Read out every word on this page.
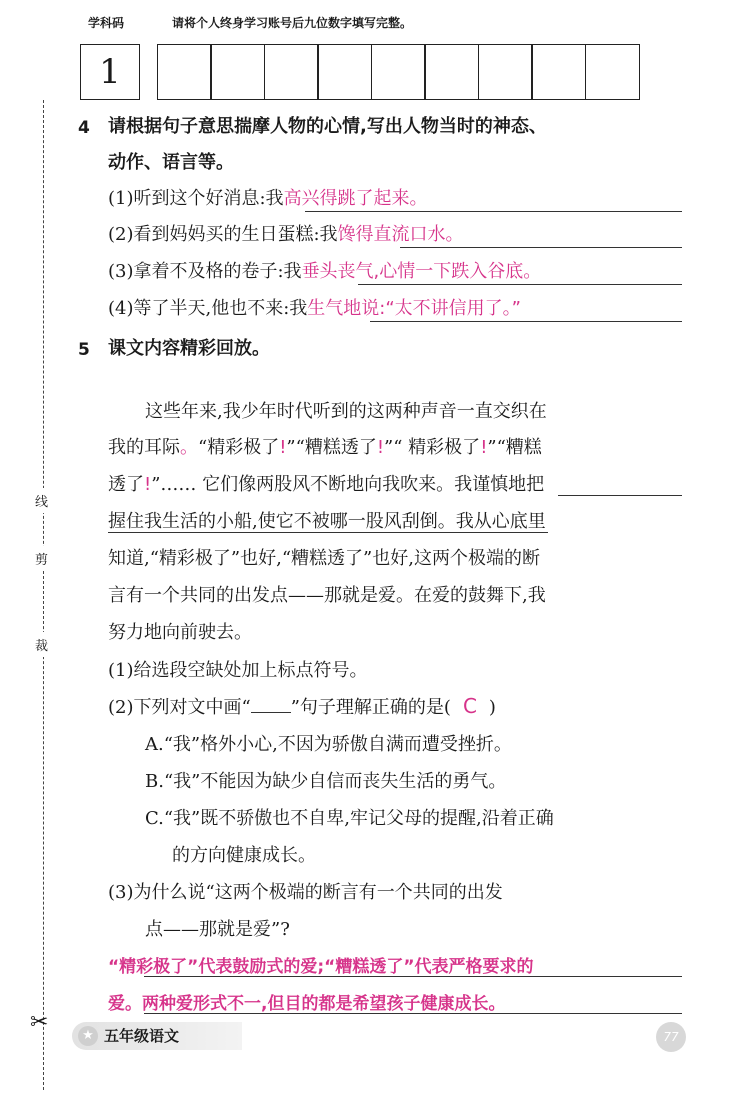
学科码	请将个人终身学习账号后九位数字填写完整。
1
线
剪
裁
✂
4 请根据句子意思揣摩人物的心情,写出人物当时的神态、
动作、语言等。
(1)听到这个好消息:我高兴得跳了起来。
(2)看到妈妈买的生日蛋糕:我馋得直流口水。
(3)拿着不及格的卷子:我垂头丧气,心情一下跌入谷底。
(4)等了半天,他也不来:我生气地说:“太不讲信用了。”
5 课文内容精彩回放。
这些年来,我少年时代听到的这两种声音一直交织在
我的耳际。“精彩极了!”“糟糕透了!”“ 精彩极了!”“糟糕
透了!”…… 它们像两股风不断地向我吹来。我谨慎地把
握住我生活的小船,使它不被哪一股风刮倒。我从心底里
知道,“精彩极了”也好,“糟糕透了”也好,这两个极端的断
言有一个共同的出发点——那就是爱。在爱的鼓舞下,我
努力地向前驶去。
(1)给选段空缺处加上标点符号。
(2)下列对文中画“ ”句子理解正确的是( C )
A.“我”格外小心,不因为骄傲自满而遭受挫折。
B.“我”不能因为缺少自信而丧失生活的勇气。
C.“我”既不骄傲也不自卑,牢记父母的提醒,沿着正确
的方向健康成长。
(3)为什么说“这两个极端的断言有一个共同的出发
点——那就是爱”?
“精彩极了”代表鼓励式的爱;“糟糕透了”代表严格要求的
爱。两种爱形式不一,但目的都是希望孩子健康成长。
★ 五年级语文	77
